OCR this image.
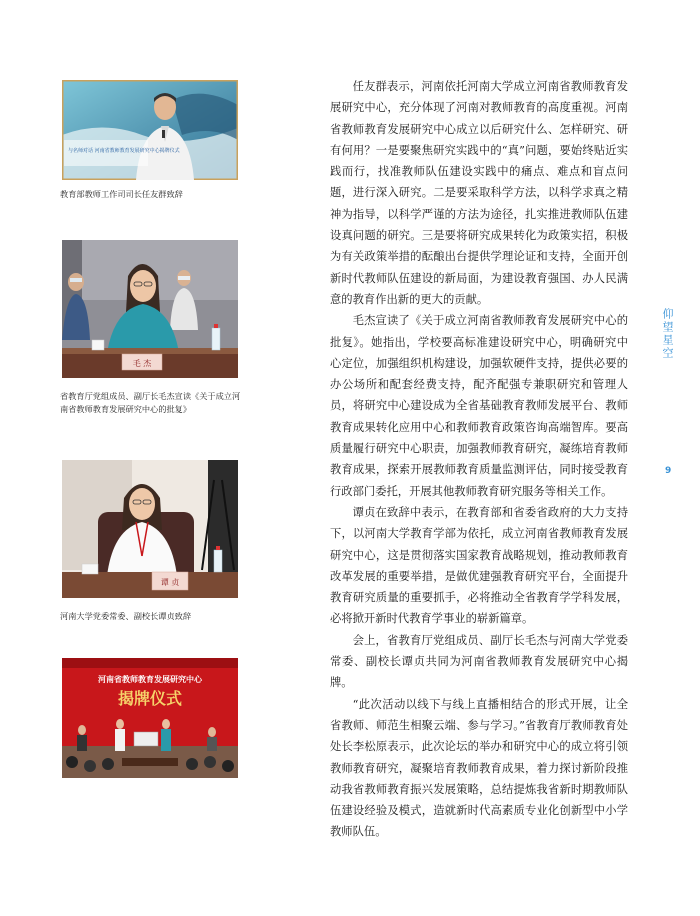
与名师对话 河南省教师教育发展研究中心揭牌仪式
教育部教师工作司司长任友群致辞
毛 杰
省教育厅党组成员、副厅长毛杰宣读《关于成立河南省教师教育发展研究中心的批复》
谭 贞
河南大学党委常委、副校长谭贞致辞
河南省教师教育发展研究中心
揭牌仪式

任友群表示，河南依托河南大学成立河南省教师教育发展研究中心，充分体现了河南对教师教育的高度重视。河南省教师教育发展研究中心成立以后研究什么、怎样研究、研有何用？一是要聚焦研究实践中的“真”问题，要始终贴近实践而行，找准教师队伍建设实践中的痛点、难点和盲点问题，进行深入研究。二是要采取科学方法，以科学求真之精神为指导，以科学严谨的方法为途径，扎实推进教师队伍建设真问题的研究。三是要将研究成果转化为政策实招，积极为有关政策举措的酝酿出台提供学理论证和支持，全面开创新时代教师队伍建设的新局面，为建设教育强国、办人民满意的教育作出新的更大的贡献。

毛杰宣读了《关于成立河南省教师教育发展研究中心的批复》。她指出，学校要高标准建设研究中心，明确研究中心定位，加强组织机构建设，加强软硬件支持，提供必要的办公场所和配套经费支持，配齐配强专兼职研究和管理人员，将研究中心建设成为全省基础教育教师发展平台、教师教育成果转化应用中心和教师教育政策咨询高端智库。要高质量履行研究中心职责，加强教师教育研究，凝练培育教师教育成果，探索开展教师教育质量监测评估，同时接受教育行政部门委托，开展其他教师教育研究服务等相关工作。

谭贞在致辞中表示，在教育部和省委省政府的大力支持下，以河南大学教育学部为依托，成立河南省教师教育发展研究中心，这是贯彻落实国家教育战略规划，推动教师教育改革发展的重要举措，是做优建强教育研究平台，全面提升教育研究质量的重要抓手，必将推动全省教育学学科发展，必将掀开新时代教育学事业的崭新篇章。

会上，省教育厅党组成员、副厅长毛杰与河南大学党委常委、副校长谭贞共同为河南省教师教育发展研究中心揭牌。

“此次活动以线下与线上直播相结合的形式开展，让全省教师、师范生相聚云端、参与学习。”省教育厅教师教育处处长李松原表示，此次论坛的举办和研究中心的成立将引领教师教育研究，凝聚培育教师教育成果，着力探讨新阶段推动我省教师教育振兴发展策略，总结提炼我省新时期教师队伍建设经验及模式，造就新时代高素质专业化创新型中小学教师队伍。

仰望星空
9
